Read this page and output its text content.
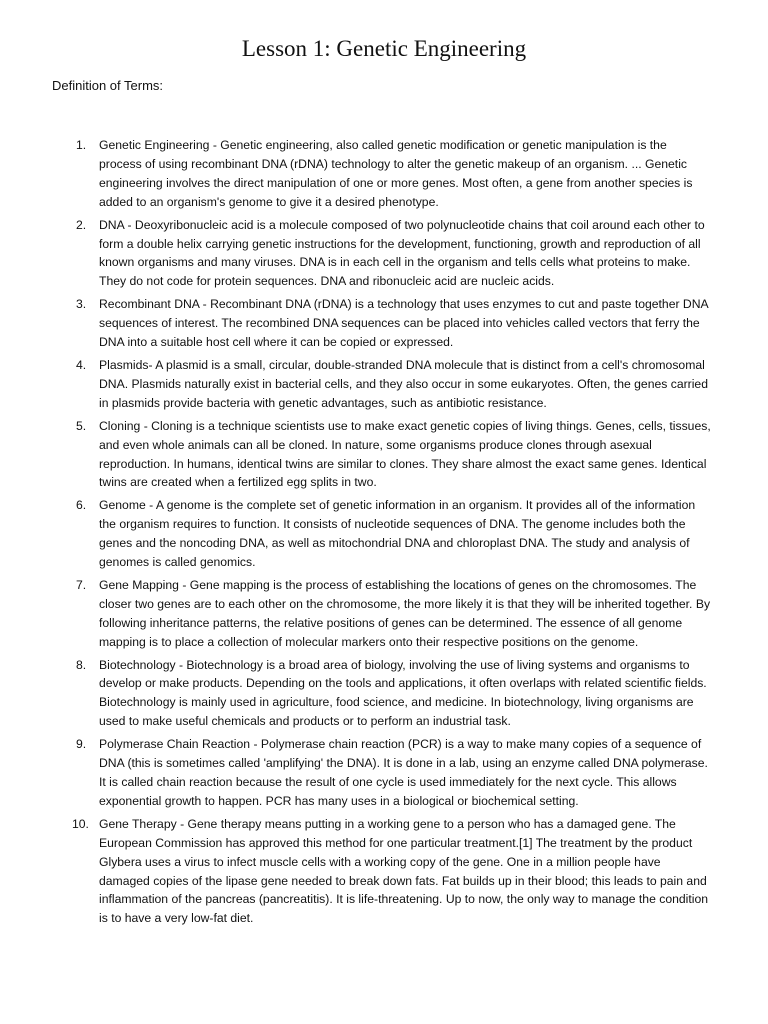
Lesson 1: Genetic Engineering
Definition of Terms:
1.	Genetic Engineering - Genetic engineering, also called genetic modification or genetic manipulation is the process of using recombinant DNA (rDNA) technology to alter the genetic makeup of an organism. ... Genetic engineering involves the direct manipulation of one or more genes. Most often, a gene from another species is added to an organism's genome to give it a desired phenotype.
2.	DNA - Deoxyribonucleic acid is a molecule composed of two polynucleotide chains that coil around each other to form a double helix carrying genetic instructions for the development, functioning, growth and reproduction of all known organisms and many viruses. DNA is in each cell in the organism and tells cells what proteins to make. They do not code for protein sequences. DNA and ribonucleic acid are nucleic acids.
3.	Recombinant DNA - Recombinant DNA (rDNA) is a technology that uses enzymes to cut and paste together DNA sequences of interest. The recombined DNA sequences can be placed into vehicles called vectors that ferry the DNA into a suitable host cell where it can be copied or expressed.
4.	Plasmids- A plasmid is a small, circular, double-stranded DNA molecule that is distinct from a cell's chromosomal DNA. Plasmids naturally exist in bacterial cells, and they also occur in some eukaryotes. Often, the genes carried in plasmids provide bacteria with genetic advantages, such as antibiotic resistance.
5.	Cloning - Cloning is a technique scientists use to make exact genetic copies of living things. Genes, cells, tissues, and even whole animals can all be cloned. In nature, some organisms produce clones through asexual reproduction. In humans, identical twins are similar to clones. They share almost the exact same genes. Identical twins are created when a fertilized egg splits in two.
6.	Genome - A genome is the complete set of genetic information in an organism. It provides all of the information the organism requires to function. It consists of nucleotide sequences of DNA. The genome includes both the genes and the noncoding DNA, as well as mitochondrial DNA and chloroplast DNA. The study and analysis of genomes is called genomics.
7.	Gene Mapping - Gene mapping is the process of establishing the locations of genes on the chromosomes. The closer two genes are to each other on the chromosome, the more likely it is that they will be inherited together. By following inheritance patterns, the relative positions of genes can be determined. The essence of all genome mapping is to place a collection of molecular markers onto their respective positions on the genome.
8.	Biotechnology - Biotechnology is a broad area of biology, involving the use of living systems and organisms to develop or make products. Depending on the tools and applications, it often overlaps with related scientific fields. Biotechnology is mainly used in agriculture, food science, and medicine. In biotechnology, living organisms are used to make useful chemicals and products or to perform an industrial task.
9.	Polymerase Chain Reaction - Polymerase chain reaction (PCR) is a way to make many copies of a sequence of DNA (this is sometimes called 'amplifying' the DNA). It is done in a lab, using an enzyme called DNA polymerase. It is called chain reaction because the result of one cycle is used immediately for the next cycle. This allows exponential growth to happen. PCR has many uses in a biological or biochemical setting.
10. Gene Therapy - Gene therapy means putting in a working gene to a person who has a damaged gene. The European Commission has approved this method for one particular treatment.[1] The treatment by the product Glybera uses a virus to infect muscle cells with a working copy of the gene. One in a million people have damaged copies of the lipase gene needed to break down fats. Fat builds up in their blood; this leads to pain and inflammation of the pancreas (pancreatitis). It is life-threatening. Up to now, the only way to manage the condition is to have a very low-fat diet.
